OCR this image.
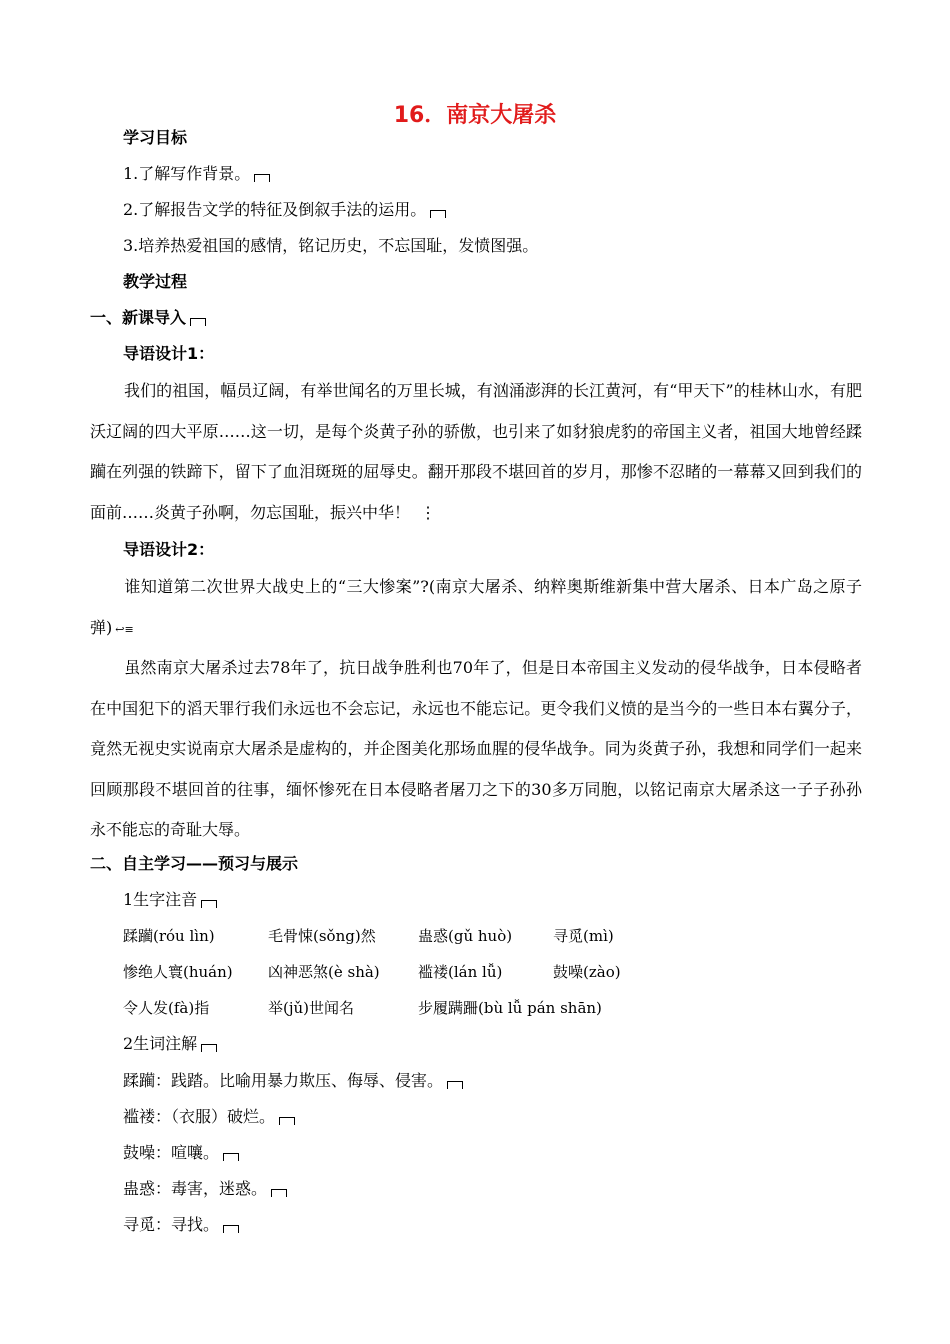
16．南京大屠杀
学习目标
1.了解写作背景。
2.了解报告文学的特征及倒叙手法的运用。
3.培养热爱祖国的感情，铭记历史，不忘国耻，发愤图强。
教学过程
一、新课导入
导语设计1：
我们的祖国，幅员辽阔，有举世闻名的万里长城，有汹涌澎湃的长江黄河，有“甲天下”的桂林山水，有肥沃辽阔的四大平原……这一切，是每个炎黄子孙的骄傲，也引来了如豺狼虎豹的帝国主义者，祖国大地曾经蹂躏在列强的铁蹄下，留下了血泪斑斑的屈辱史。翻开那段不堪回首的岁月，那惨不忍睹的一幕幕又回到我们的面前……炎黄子孙啊，勿忘国耻，振兴中华！ ⋮
导语设计2：
谁知道第二次世界大战史上的“三大惨案”?(南京大屠杀、纳粹奥斯维新集中营大屠杀、日本广岛之原子弹) ↩≡
虽然南京大屠杀过去78年了，抗日战争胜利也70年了，但是日本帝国主义发动的侵华战争，日本侵略者在中国犯下的滔天罪行我们永远也不会忘记，永远也不能忘记。更令我们义愤的是当今的一些日本右翼分子，竟然无视史实说南京大屠杀是虚构的，并企图美化那场血腥的侵华战争。同为炎黄子孙，我想和同学们一起来回顾那段不堪回首的往事，缅怀惨死在日本侵略者屠刀之下的30多万同胞，以铭记南京大屠杀这一子子孙孙永不能忘的奇耻大辱。
二、自主学习——预习与展示
1生字注音
蹂躏(róu lìn)	毛骨悚(sǒng)然	蛊惑(gǔ huò)	寻觅(mì)
惨绝人寰(huán) 凶神恶煞(è shà)	褴褛(lán lǚ)	鼓噪(zào)
令人发(fà)指	举(jǔ)世闻名	步履蹒跚(bù lǚ pán shān)
2生词注解
蹂躏：践踏。比喻用暴力欺压、侮辱、侵害。
褴褛：（衣服）破烂。
鼓噪：喧嚷。
蛊惑：毒害，迷惑。
寻觅：寻找。
